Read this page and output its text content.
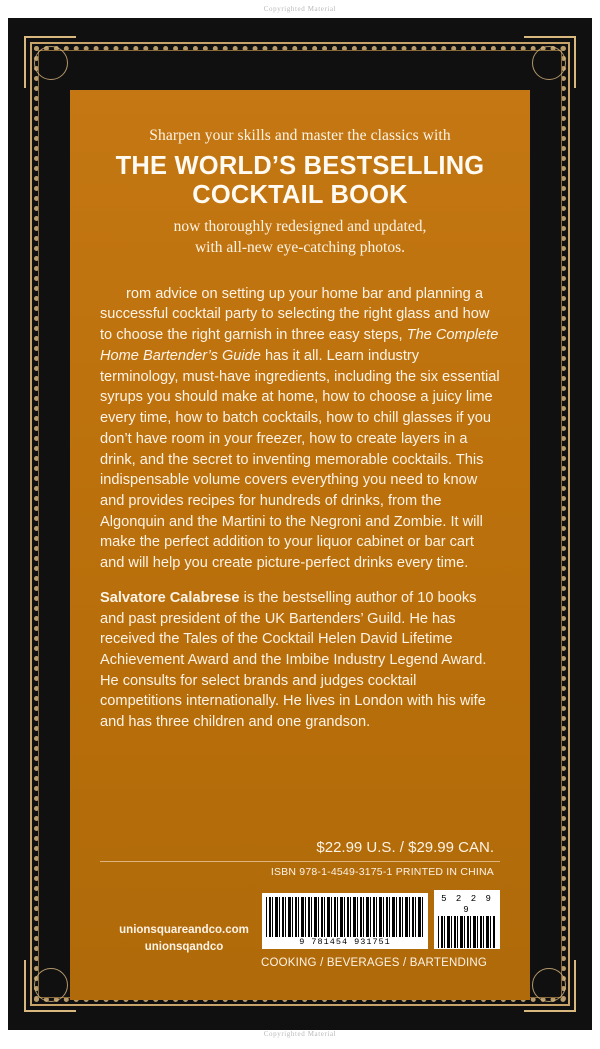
Copyrighted Material
Sharpen your skills and master the classics with
THE WORLD’S BESTSELLING
COCKTAIL BOOK
now thoroughly redesigned and updated,
with all-new eye-catching photos.

rom advice on setting up your home bar and planning a successful cocktail party to selecting the right glass and how to choose the right garnish in three easy steps, The Complete Home Bartender’s Guide has it all. Learn industry terminology, must-have ingredients, including the six essential syrups you should make at home, how to choose a juicy lime every time, how to batch cocktails, how to chill glasses if you don’t have room in your freezer, how to create layers in a drink, and the secret to inventing memorable cocktails. This indispensable volume covers everything you need to know and provides recipes for hundreds of drinks, from the Algonquin and the Martini to the Negroni and Zombie. It will make the perfect addition to your liquor cabinet or bar cart and will help you create picture-perfect drinks every time.

Salvatore Calabrese is the bestselling author of 10 books and past president of the UK Bartenders’ Guild. He has received the Tales of the Cocktail Helen David Lifetime Achievement Award and the Imbibe Industry Legend Award. He consults for select brands and judges cocktail competitions internationally. He lives in London with his wife and has three children and one grandson.

$22.99 U.S. / $29.99 CAN.
ISBN 978-1-4549-3175-1 PRINTED IN CHINA
unionsquareandco.com
unionsqandco	9 781454 931751
5 2 2 9 9
COOKING / BEVERAGES / BARTENDING
Copyrighted Material
